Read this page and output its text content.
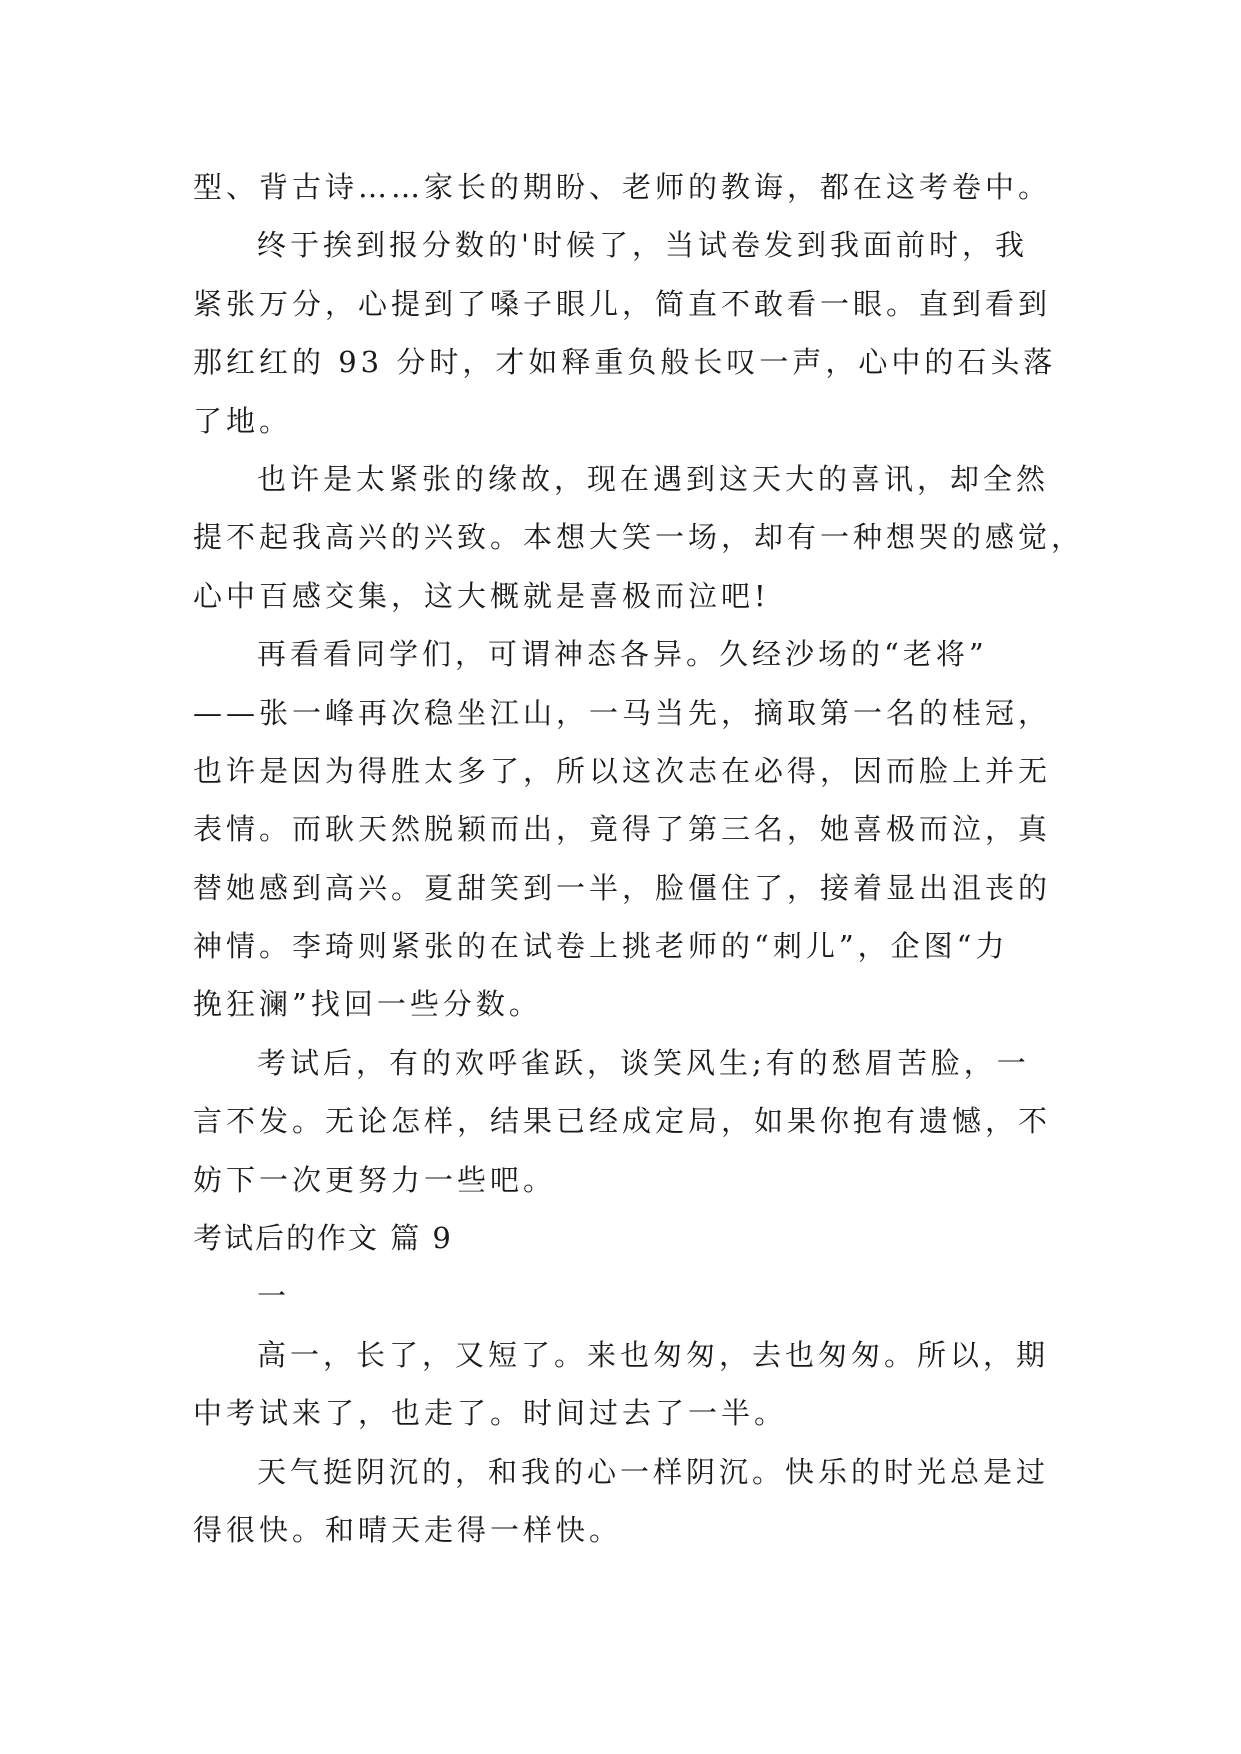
型、背古诗……家长的期盼、老师的教诲，都在这考卷中。
终于挨到报分数的'时候了，当试卷发到我面前时，我
紧张万分，心提到了嗓子眼儿，简直不敢看一眼。直到看到
那红红的 93 分时，才如释重负般长叹一声，心中的石头落
了地。
也许是太紧张的缘故，现在遇到这天大的喜讯，却全然
提不起我高兴的兴致。本想大笑一场，却有一种想哭的感觉，
心中百感交集，这大概就是喜极而泣吧!
再看看同学们，可谓神态各异。久经沙场的“老将”
——张一峰再次稳坐江山，一马当先，摘取第一名的桂冠，
也许是因为得胜太多了，所以这次志在必得，因而脸上并无
表情。而耿天然脱颖而出，竟得了第三名，她喜极而泣，真
替她感到高兴。夏甜笑到一半，脸僵住了，接着显出沮丧的
神情。李琦则紧张的在试卷上挑老师的“刺儿”，企图“力
挽狂澜”找回一些分数。
考试后，有的欢呼雀跃，谈笑风生;有的愁眉苦脸，一
言不发。无论怎样，结果已经成定局，如果你抱有遗憾，不
妨下一次更努力一些吧。
考试后的作文 篇 9
一
高一，长了，又短了。来也匆匆，去也匆匆。所以，期
中考试来了，也走了。时间过去了一半。
天气挺阴沉的，和我的心一样阴沉。快乐的时光总是过
得很快。和晴天走得一样快。
